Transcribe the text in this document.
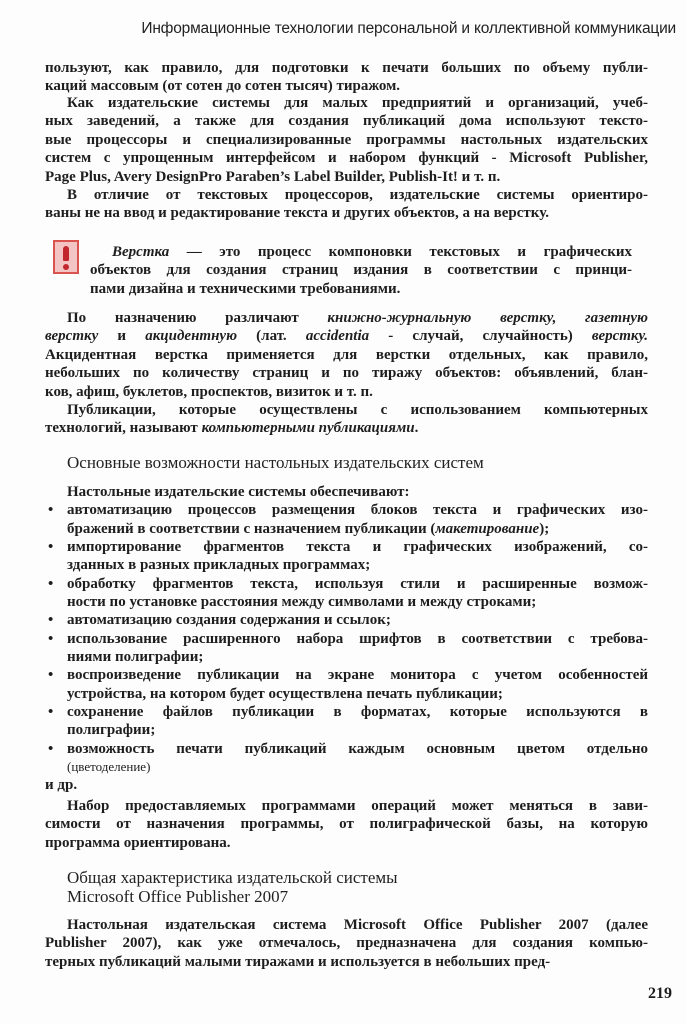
Информационные технологии персональной и коллективной коммуникации
пользуют, как правило, для подготовки к печати больших по объему публи-
каций массовым (от сотен до сотен тысяч) тиражом.
Как издательские системы для малых предприятий и организаций, учеб-
ных заведений, а также для создания публикаций дома используют тексто-
вые процессоры и специализированные программы настольных издательских
систем с упрощенным интерфейсом и набором функций - Microsoft Publisher,
Page Plus, Avery DesignPro Paraben’s Label Builder, Publish-It! и т. п.
В отличие от текстовых процессоров, издательские системы ориентиро-
ваны не на ввод и редактирование текста и других объектов, а на верстку.
Верстка — это процесс компоновки текстовых и графических
объектов для создания страниц издания в соответствии с принци-
пами дизайна и техническими требованиями.
По назначению различают книжно-журнальную верстку, газетную
верстку и акцидентную (лат. accidentia - случай, случайность) верстку.
Акцидентная верстка применяется для верстки отдельных, как правило,
небольших по количеству страниц и по тиражу объектов: объявлений, блан-
ков, афиш, буклетов, проспектов, визиток и т. п.
Публикации, которые осуществлены с использованием компьютерных
технологий, называют компьютерными публикациями.
Основные возможности настольных издательских систем
Настольные издательские системы обеспечивают:
• автоматизацию процессов размещения блоков текста и графических изо-
бражений в соответствии с назначением публикации (макетирование);
• импортирование фрагментов текста и графических изображений, со-
зданных в разных прикладных программах;
• обработку фрагментов текста, используя стили и расширенные возмож-
ности по установке расстояния между символами и между строками;
• автоматизацию создания содержания и ссылок;
• использование расширенного набора шрифтов в соответствии с требова-
ниями полиграфии;
• воспроизведение публикации на экране монитора с учетом особенностей
устройства, на котором будет осуществлена печать публикации;
• сохранение файлов публикации в форматах, которые используются в
полиграфии;
• возможность печати публикаций каждым основным цветом отдельно
(цветоделение)
и др.
Набор предоставляемых программами операций может меняться в зави-
симости от назначения программы, от полиграфической базы, на которую
программа ориентирована.
Общая характеристика издательской системы
Microsoft Office Publisher 2007
Настольная издательская система Microsoft Office Publisher 2007 (далее
Publisher 2007), как уже отмечалось, предназначена для создания компью-
терных публикаций малыми тиражами и используется в небольших пред-
219
